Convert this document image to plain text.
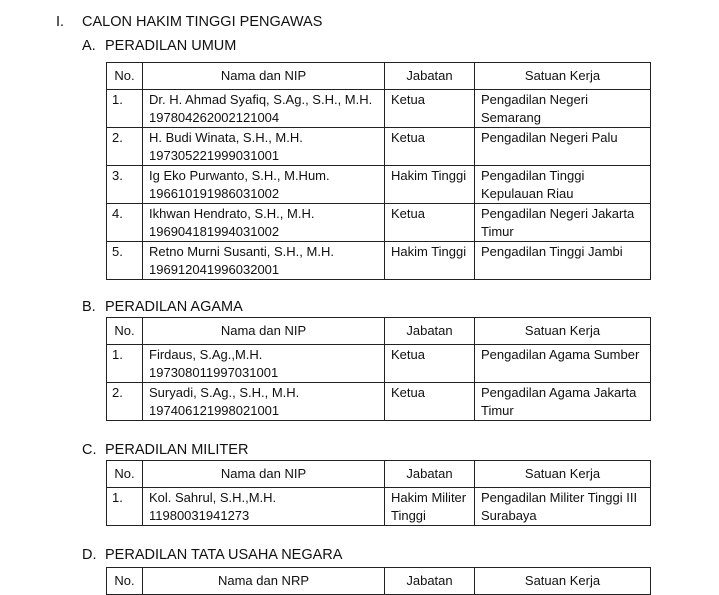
I. CALON HAKIM TINGGI PENGAWAS
A. PERADILAN UMUM
No.	Nama dan NIP	Jabatan	Satuan Kerja
1.	Dr. H. Ahmad Syafiq, S.Ag., S.H., M.H.
197804262002121004	Ketua	Pengadilan Negeri
Semarang

2.	H. Budi Winata, S.H., M.H.
197305221999031001	Ketua	Pengadilan Negeri Palu

3.	Ig Eko Purwanto, S.H., M.Hum.
196610191986031002	Hakim Tinggi	Pengadilan Tinggi
Kepulauan Riau

4.	Ikhwan Hendrato, S.H., M.H.
196904181994031002	Ketua	Pengadilan Negeri Jakarta
Timur

5.	Retno Murni Susanti, S.H., M.H.
196912041996032001	Hakim Tinggi	Pengadilan Tinggi Jambi
B. PERADILAN AGAMA
No.	Nama dan NIP	Jabatan	Satuan Kerja
1.	Firdaus, S.Ag.,M.H.
197308011997031001	Ketua	Pengadilan Agama Sumber

2.	Suryadi, S.Ag., S.H., M.H.
197406121998021001	Ketua	Pengadilan Agama Jakarta
Timur
C. PERADILAN MILITER
No.	Nama dan NIP	Jabatan	Satuan Kerja
1.	Kol. Sahrul, S.H.,M.H.
11980031941273	Hakim Militer
Tinggi	Pengadilan Militer Tinggi III
Surabaya
D. PERADILAN TATA USAHA NEGARA
No.	Nama dan NRP	Jabatan	Satuan Kerja
